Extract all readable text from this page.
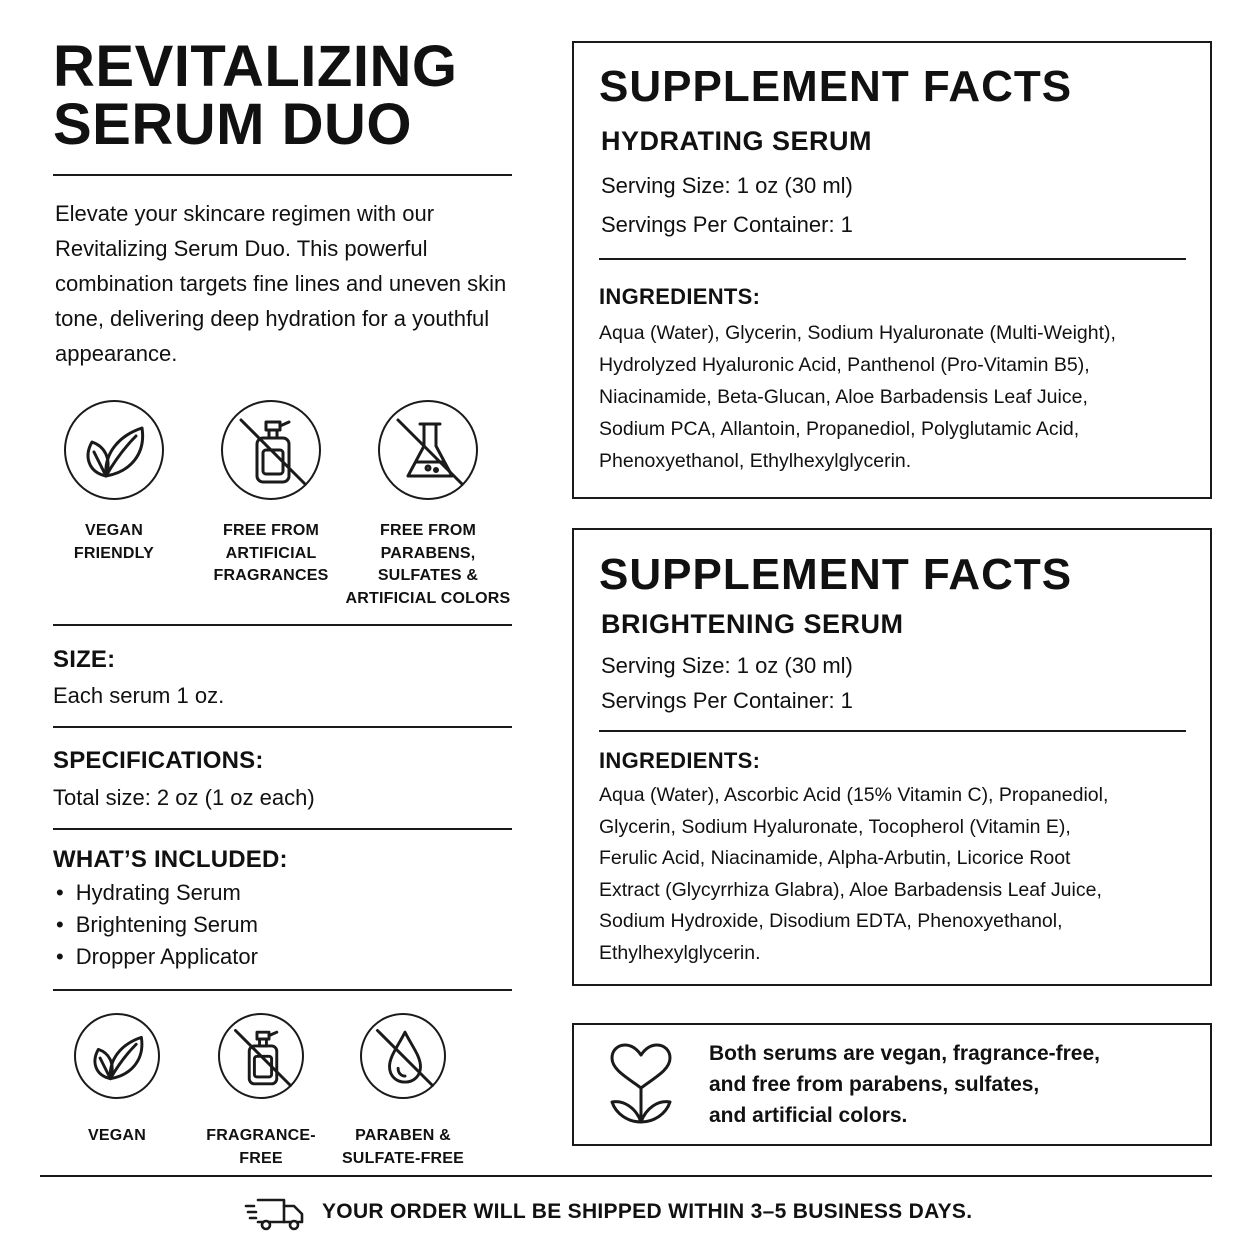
REVITALIZING
SERUM DUO

Elevate your skincare regimen with our Revitalizing Serum Duo. This powerful combination targets fine lines and uneven skin tone, delivering deep hydration for a youthful appearance.

VEGAN
FRIENDLY
FREE FROM
ARTIFICIAL
FRAGRANCES
FREE FROM
PARABENS,
SULFATES &
ARTIFICIAL COLORS
SIZE:
Each serum 1 oz.
SPECIFICATIONS:
Total size: 2 oz (1 oz each)
WHAT’S INCLUDED:
• Hydrating Serum
• Brightening Serum
• Dropper Applicator
VEGAN	FRAGRANCE-
FREE
PARABEN &
SULFATE-FREE
SUPPLEMENT FACTS
HYDRATING SERUM
Serving Size: 1 oz (30 ml)
Servings Per Container: 1
INGREDIENTS:

Aqua (Water), Glycerin, Sodium Hyaluronate (Multi-Weight),
Hydrolyzed Hyaluronic Acid, Panthenol (Pro-Vitamin B5),
Niacinamide, Beta-Glucan, Aloe Barbadensis Leaf Juice,
Sodium PCA, Allantoin, Propanediol, Polyglutamic Acid,
Phenoxyethanol, Ethylhexylglycerin.

SUPPLEMENT FACTS
BRIGHTENING SERUM
Serving Size: 1 oz (30 ml)
Servings Per Container: 1
INGREDIENTS:

Aqua (Water), Ascorbic Acid (15% Vitamin C), Propanediol,
Glycerin, Sodium Hyaluronate, Tocopherol (Vitamin E),
Ferulic Acid, Niacinamide, Alpha-Arbutin, Licorice Root
Extract (Glycyrrhiza Glabra), Aloe Barbadensis Leaf Juice,
Sodium Hydroxide, Disodium EDTA, Phenoxyethanol,
Ethylhexylglycerin.

Both serums are vegan, fragrance-free,
and free from parabens, sulfates,
and artificial colors.

YOUR ORDER WILL BE SHIPPED WITHIN 3–5 BUSINESS DAYS.
